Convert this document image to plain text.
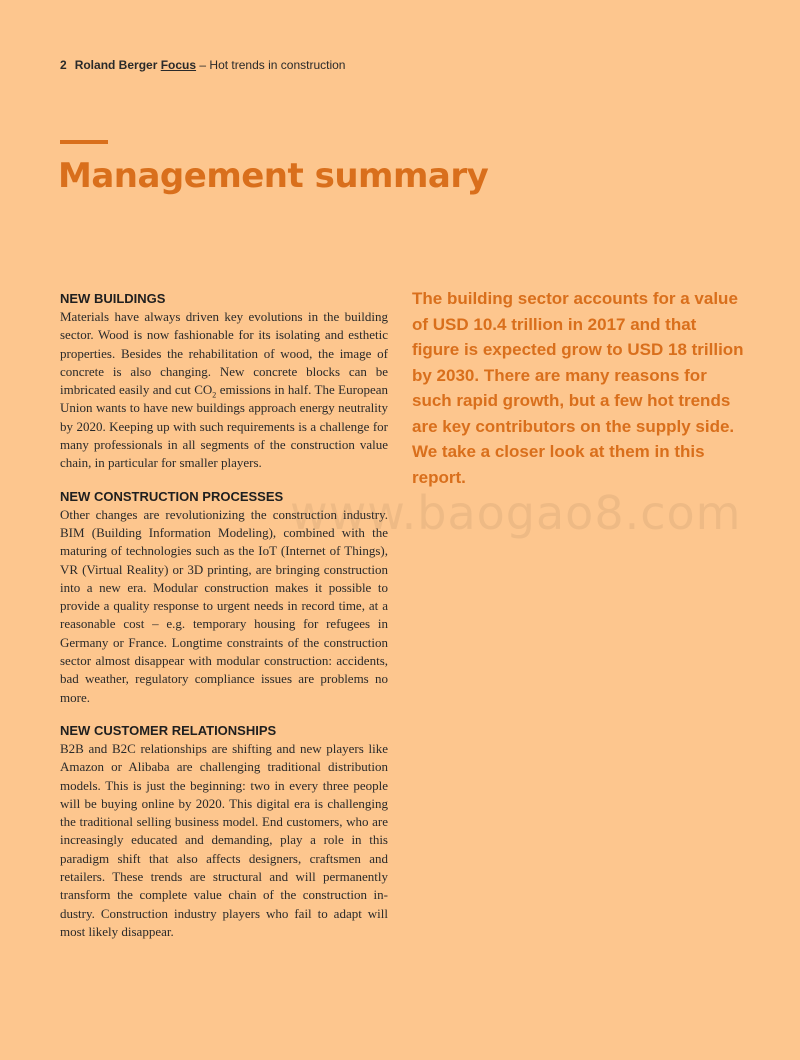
2 Roland Berger Focus – Hot trends in construction
Management summary
NEW BUILDINGS

Materials have always driven key evolutions in the building sector. Wood is now fashionable for its isolating and esthetic properties. Besides the rehabilitation of wood, the image of concrete is also changing. New concrete blocks can be imbricated easily and cut $CO_2$ emissions in half. The European Union wants to have new buildings approach energy neutrality by 2020. Keeping up with such requirements is a challenge for many professionals in all segments of the construction value chain, in particular for smaller players.

NEW CONSTRUCTION PROCESSES

Other changes are revolutionizing the construction industry. BIM (Building Information Modeling), combined with the maturing of technologies such as the IoT (Internet of Things), VR (Virtual Reality) or 3D printing, are bringing construction into a new era. Modular construction makes it possible to provide a quality response to urgent needs in record time, at a reasonable cost – e.g. temporary housing for refugees in Germany or France. Longtime constraints of the construction sector almost disappear with modular construction: accidents, bad weather, regulatory compliance issues are problems no more.

NEW CUSTOMER RELATIONSHIPS

B2B and B2C relationships are shifting and new players like Amazon or Alibaba are challenging traditional distribution models. This is just the beginning: two in every three people will be buying online by 2020. This digital era is challenging the traditional selling business model. End customers, who are increasingly educated and demanding, play a role in this paradigm shift that also affects designers, craftsmen and retailers. These trends are structural and will permanently transform the complete value chain of the construction industry. Construction industry players who fail to adapt will most likely disappear.

The building sector accounts for a value of USD 10.4 trillion in 2017 and that figure is expected grow to USD 18 trillion by 2030. There are many reasons for such rapid growth, but a few hot trends are key contributors on the supply side. We take a closer look at them in this report.

www.baogao8.com
